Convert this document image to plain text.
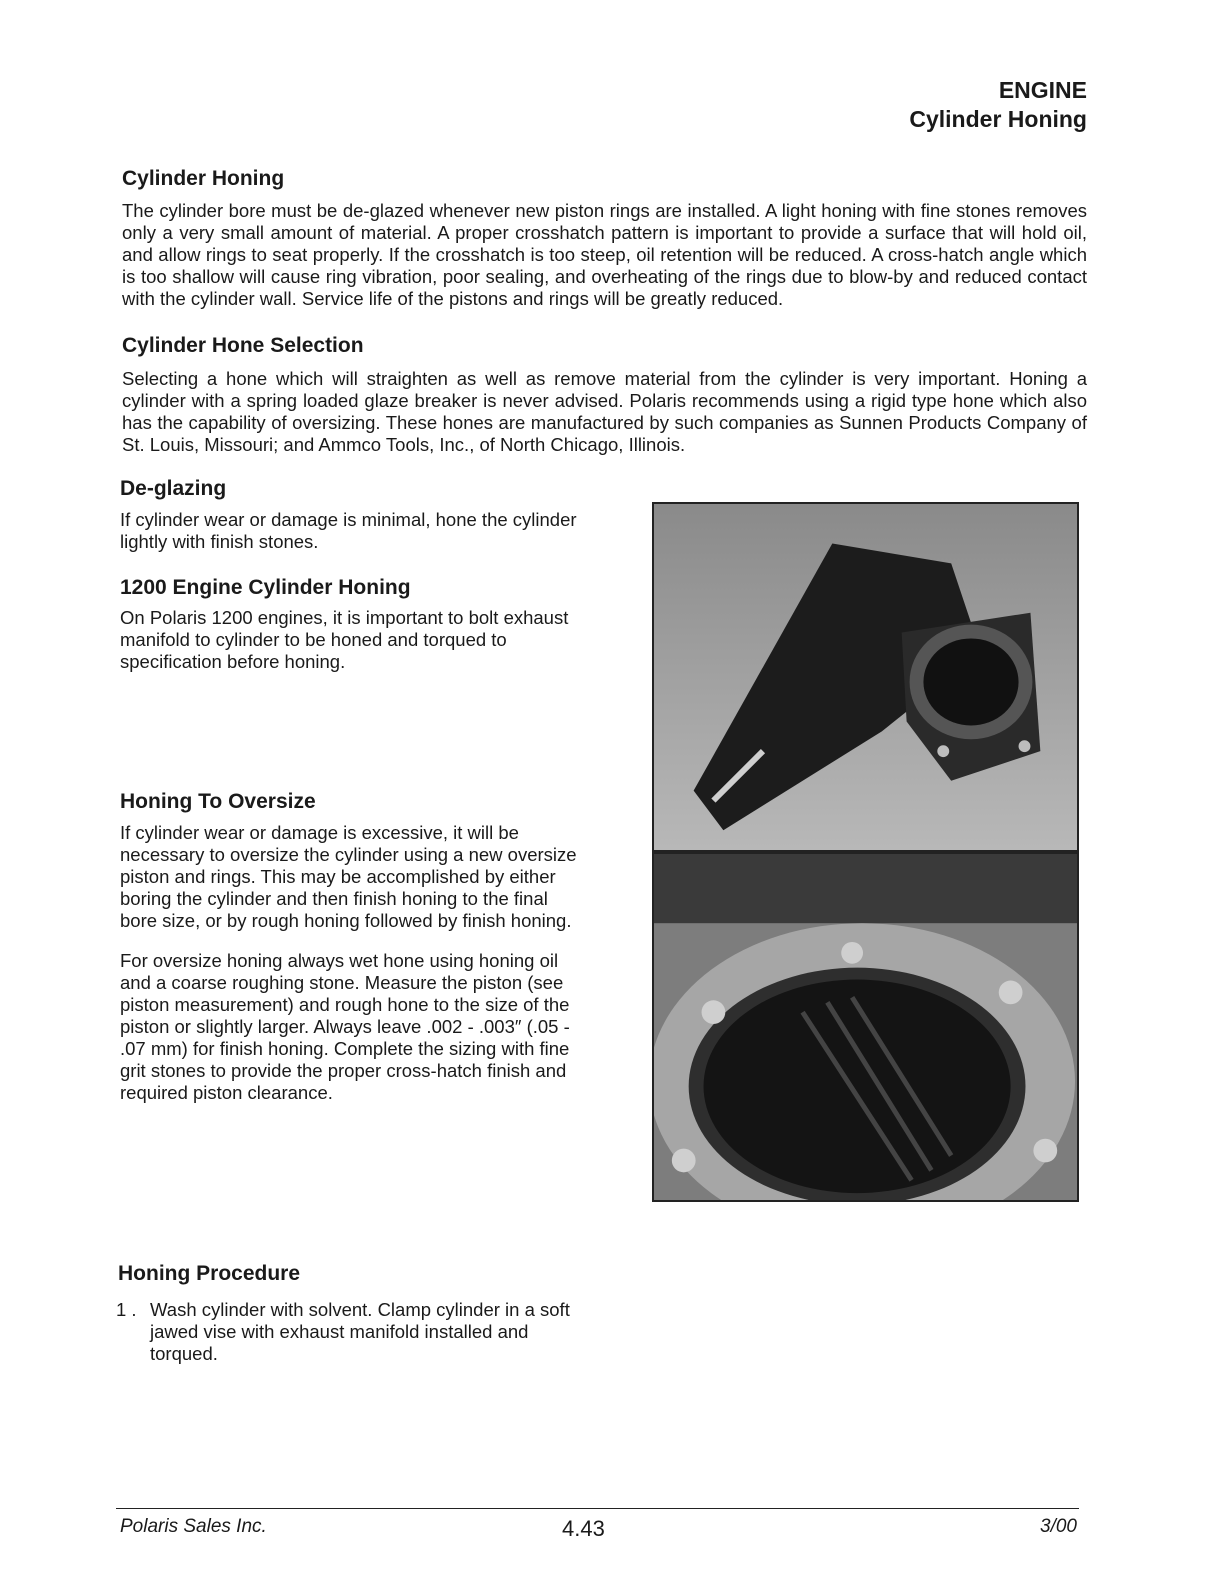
ENGINE
Cylinder Honing
Cylinder Honing

The cylinder bore must be de-glazed whenever new piston rings are installed. A light honing with fine stones removes only a very small amount of material. A proper crosshatch pattern is important to provide a surface that will hold oil, and allow rings to seat properly. If the crosshatch is too steep, oil retention will be reduced. A cross-hatch angle which is too shallow will cause ring vibration, poor sealing, and overheating of the rings due to blow-by and reduced contact with the cylinder wall. Service life of the pistons and rings will be greatly reduced.

Cylinder Hone Selection

Selecting a hone which will straighten as well as remove material from the cylinder is very important. Honing a cylinder with a spring loaded glaze breaker is never advised. Polaris recommends using a rigid type hone which also has the capability of oversizing. These hones are manufactured by such companies as Sunnen Products Company of St. Louis, Missouri; and Ammco Tools, Inc., of North Chicago, Illinois.

De-glazing

If cylinder wear or damage is minimal, hone the cylinder lightly with finish stones.

1200 Engine Cylinder Honing

On Polaris 1200 engines, it is important to bolt exhaust manifold to cylinder to be honed and torqued to specification before honing.

Honing To Oversize

If cylinder wear or damage is excessive, it will be necessary to oversize the cylinder using a new oversize piston and rings. This may be accomplished by either boring the cylinder and then finish honing to the final bore size, or by rough honing followed by finish honing.

For oversize honing always wet hone using honing oil and a coarse roughing stone. Measure the piston (see piston measurement) and rough hone to the size of the piston or slightly larger. Always leave .002 - .003″ (.05 - .07 mm) for finish honing. Complete the sizing with fine grit stones to provide the proper cross-hatch finish and required piston clearance.

Honing Procedure
1 . Wash cylinder with solvent. Clamp cylinder in a soft jawed vise with exhaust manifold installed and torqued.
Polaris Sales Inc.	4.43	3/00
